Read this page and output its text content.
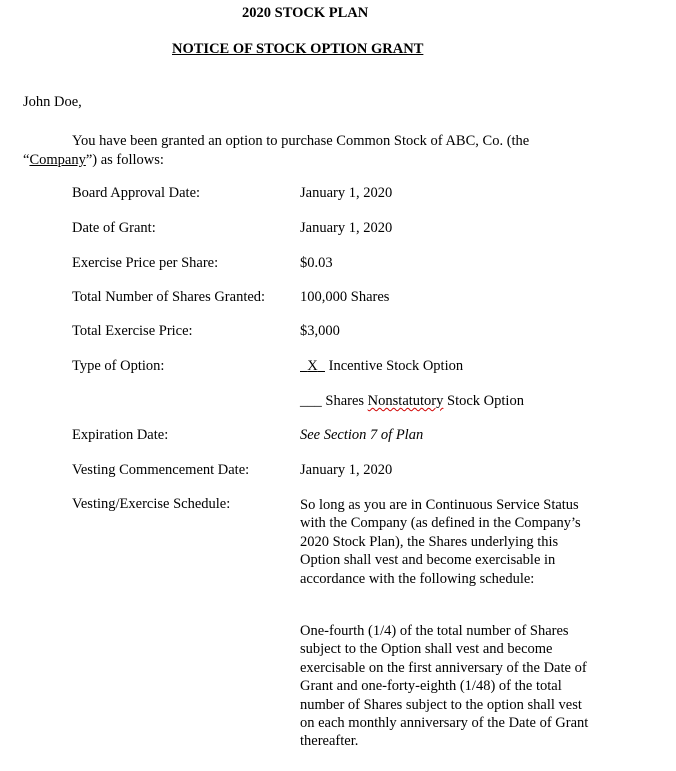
2020 STOCK PLAN
NOTICE OF STOCK OPTION GRANT
John Doe,
You have been granted an option to purchase Common Stock of ABC, Co. (the
“Company”) as follows:
Board Approval Date:	January 1, 2020
Date of Grant:	January 1, 2020
Exercise Price per Share:	$0.03
Total Number of Shares Granted: 100,000 Shares
Total Exercise Price:	$3,000
Type of Option:	X Incentive Stock Option
___ Shares Nonstatutory Stock Option
Expiration Date:	See Section 7 of Plan
Vesting Commencement Date:	January 1, 2020
Vesting/Exercise Schedule:	So long as you are in Continuous Service Status with the Company (as defined in the Company’s 2020 Stock Plan), the Shares underlying this Option shall vest and become exercisable in accordance with the following schedule:
One-fourth (1/4) of the total number of Shares subject to the Option shall vest and become exercisable on the first anniversary of the Date of Grant and one-forty-eighth (1/48) of the total number of Shares subject to the option shall vest on each monthly anniversary of the Date of Grant thereafter.
